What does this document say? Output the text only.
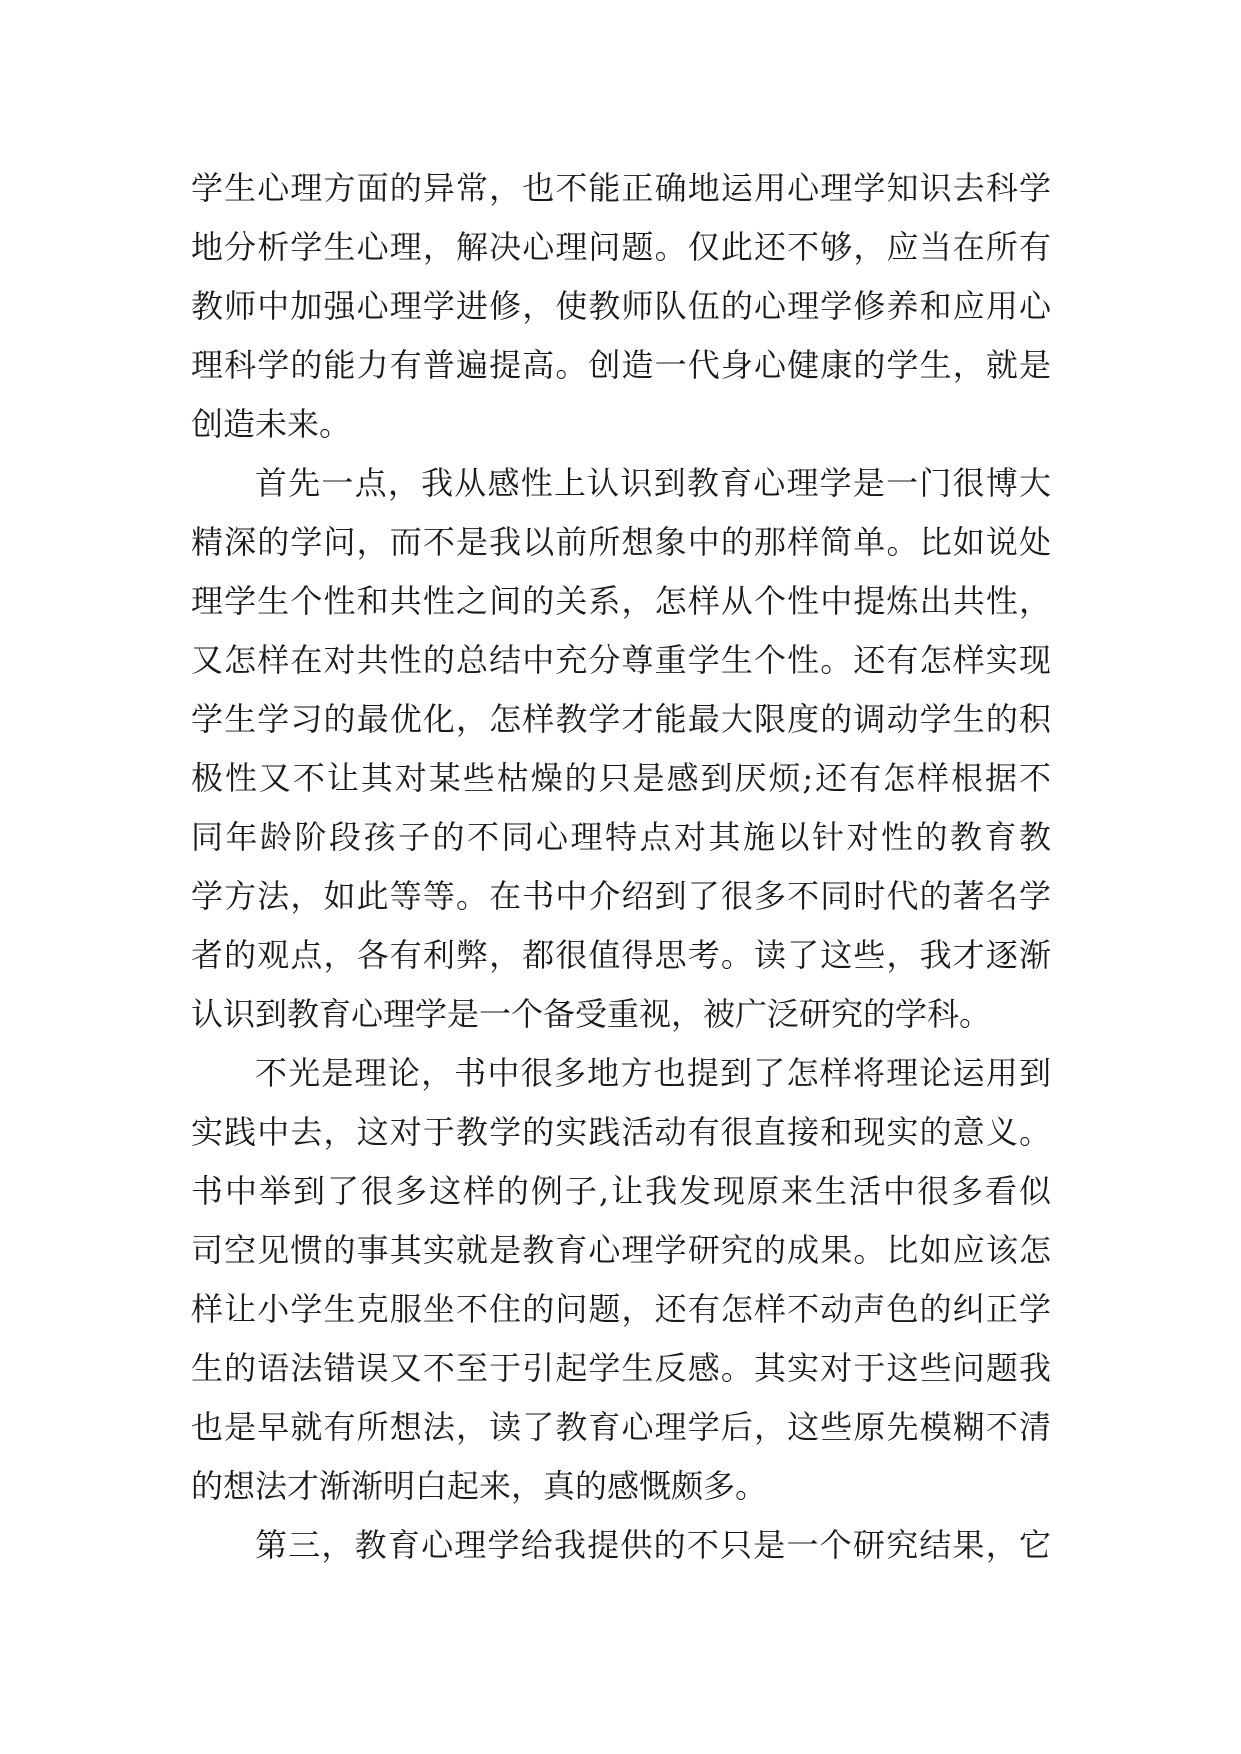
学生心理方面的异常，也不能正确地运用心理学知识去科学
地分析学生心理，解决心理问题。仅此还不够，应当在所有
教师中加强心理学进修，使教师队伍的心理学修养和应用心
理科学的能力有普遍提高。创造一代身心健康的学生，就是
创造未来。
首先一点，我从感性上认识到教育心理学是一门很博大
精深的学问，而不是我以前所想象中的那样简单。比如说处
理学生个性和共性之间的关系，怎样从个性中提炼出共性，
又怎样在对共性的总结中充分尊重学生个性。还有怎样实现
学生学习的最优化，怎样教学才能最大限度的调动学生的积
极性又不让其对某些枯燥的只是感到厌烦;还有怎样根据不
同年龄阶段孩子的不同心理特点对其施以针对性的教育教
学方法，如此等等。在书中介绍到了很多不同时代的著名学
者的观点，各有利弊，都很值得思考。读了这些，我才逐渐
认识到教育心理学是一个备受重视，被广泛研究的学科。
不光是理论，书中很多地方也提到了怎样将理论运用到
实践中去，这对于教学的实践活动有很直接和现实的意义。
书中举到了很多这样的例子,让我发现原来生活中很多看似
司空见惯的事其实就是教育心理学研究的成果。比如应该怎
样让小学生克服坐不住的问题，还有怎样不动声色的纠正学
生的语法错误又不至于引起学生反感。其实对于这些问题我
也是早就有所想法，读了教育心理学后，这些原先模糊不清
的想法才渐渐明白起来，真的感慨颇多。
第三，教育心理学给我提供的不只是一个研究结果，它
